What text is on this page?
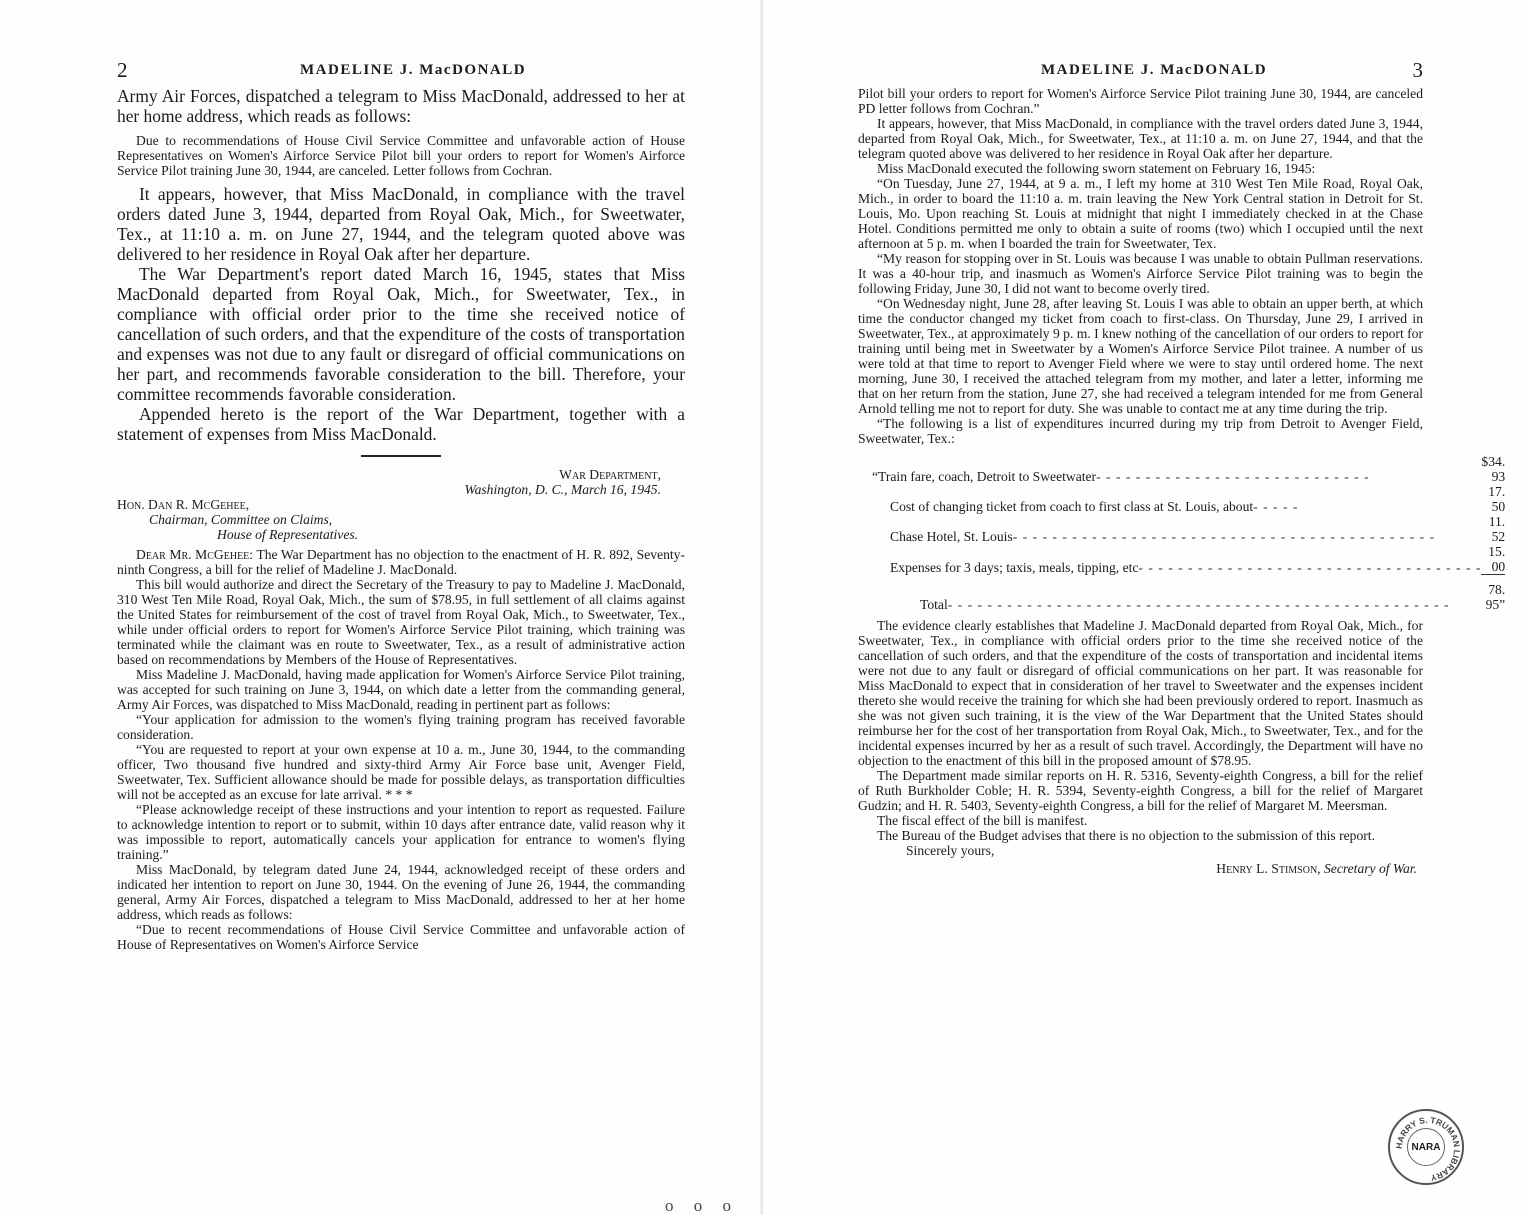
2	MADELINE J. MacDONALD

Army Air Forces, dispatched a telegram to Miss MacDonald, addressed to her at her home address, which reads as follows:

Due to recommendations of House Civil Service Committee and unfavorable action of House Representatives on Women's Airforce Service Pilot bill your orders to report for Women's Airforce Service Pilot training June 30, 1944, are canceled. Letter follows from Cochran.

It appears, however, that Miss MacDonald, in compliance with the travel orders dated June 3, 1944, departed from Royal Oak, Mich., for Sweetwater, Tex., at 11:10 a. m. on June 27, 1944, and the telegram quoted above was delivered to her residence in Royal Oak after her departure.

The War Department's report dated March 16, 1945, states that Miss MacDonald departed from Royal Oak, Mich., for Sweetwater, Tex., in compliance with official order prior to the time she received notice of cancellation of such orders, and that the expenditure of the costs of transportation and expenses was not due to any fault or disregard of official communications on her part, and recommends favorable consideration to the bill. Therefore, your committee recommends favorable consideration.

Appended hereto is the report of the War Department, together with a statement of expenses from Miss MacDonald.

War Department,
Washington, D. C., March 16, 1945.
Hon. Dan R. McGehee,
Chairman, Committee on Claims,
House of Representatives.

Dear Mr. McGehee: The War Department has no objection to the enactment of H. R. 892, Seventy-ninth Congress, a bill for the relief of Madeline J. MacDonald.

This bill would authorize and direct the Secretary of the Treasury to pay to Madeline J. MacDonald, 310 West Ten Mile Road, Royal Oak, Mich., the sum of $78.95, in full settlement of all claims against the United States for reimbursement of the cost of travel from Royal Oak, Mich., to Sweetwater, Tex., while under official orders to report for Women's Airforce Service Pilot training, which training was terminated while the claimant was en route to Sweetwater, Tex., as a result of administrative action based on recommendations by Members of the House of Representatives.

Miss Madeline J. MacDonald, having made application for Women's Airforce Service Pilot training, was accepted for such training on June 3, 1944, on which date a letter from the commanding general, Army Air Forces, was dispatched to Miss MacDonald, reading in pertinent part as follows:

“Your application for admission to the women's flying training program has received favorable consideration.

“You are requested to report at your own expense at 10 a. m., June 30, 1944, to the commanding officer, Two thousand five hundred and sixty-third Army Air Force base unit, Avenger Field, Sweetwater, Tex. Sufficient allowance should be made for possible delays, as transportation difficulties will not be accepted as an excuse for late arrival. * * *

“Please acknowledge receipt of these instructions and your intention to report as requested. Failure to acknowledge intention to report or to submit, within 10 days after entrance date, valid reason why it was impossible to report, automatically cancels your application for entrance to women's flying training.”

Miss MacDonald, by telegram dated June 24, 1944, acknowledged receipt of these orders and indicated her intention to report on June 30, 1944. On the evening of June 26, 1944, the commanding general, Army Air Forces, dispatched a telegram to Miss MacDonald, addressed to her at her home address, which reads as follows:

“Due to recent recommendations of House Civil Service Committee and unfavorable action of House of Representatives on Women's Airforce Service

MADELINE J. MacDONALD	3

Pilot bill your orders to report for Women's Airforce Service Pilot training June 30, 1944, are canceled PD letter follows from Cochran.”

It appears, however, that Miss MacDonald, in compliance with the travel orders dated June 3, 1944, departed from Royal Oak, Mich., for Sweetwater, Tex., at 11:10 a. m. on June 27, 1944, and that the telegram quoted above was delivered to her residence in Royal Oak after her departure.

Miss MacDonald executed the following sworn statement on February 16, 1945:

“On Tuesday, June 27, 1944, at 9 a. m., I left my home at 310 West Ten Mile Road, Royal Oak, Mich., in order to board the 11:10 a. m. train leaving the New York Central station in Detroit for St. Louis, Mo. Upon reaching St. Louis at midnight that night I immediately checked in at the Chase Hotel. Conditions permitted me only to obtain a suite of rooms (two) which I occupied until the next afternoon at 5 p. m. when I boarded the train for Sweetwater, Tex.

“My reason for stopping over in St. Louis was because I was unable to obtain Pullman reservations. It was a 40-hour trip, and inasmuch as Women's Airforce Service Pilot training was to begin the following Friday, June 30, I did not want to become overly tired.

“On Wednesday night, June 28, after leaving St. Louis I was able to obtain an upper berth, at which time the conductor changed my ticket from coach to first-class. On Thursday, June 29, I arrived in Sweetwater, Tex., at approximately 9 p. m. I knew nothing of the cancellation of our orders to report for training until being met in Sweetwater by a Women's Airforce Service Pilot trainee. A number of us were told at that time to report to Avenger Field where we were to stay until ordered home. The next morning, June 30, I received the attached telegram from my mother, and later a letter, informing me that on her return from the station, June 27, she had received a telegram intended for me from General Arnold telling me not to report for duty. She was unable to contact me at any time during the trip.

“The following is a list of expenditures incurred during my trip from Detroit to Avenger Field, Sweetwater, Tex.:

“Train fare, coach, Detroit to Sweetwater- - - - - - - - - - - - - - - - - - - - - - - - - - - -	$34. 93
Cost of changing ticket from coach to first class at St. Louis, about- - - - -	17. 50
Chase Hotel, St. Louis- - - - - - - - - - - - - - - - - - - - - - - - - - - - - - - - - - - - - - - - - - -	11. 52
Expenses for 3 days; taxis, meals, tipping, etc- - - - - - - - - - - - - - - - - - - - - - - - - - - - - - - - - - -	15. 00
Total- - - - - - - - - - - - - - - - - - - - - - - - - - - - - - - - - - - - - - - - - - - - - - - - - - -	78. 95”

The evidence clearly establishes that Madeline J. MacDonald departed from Royal Oak, Mich., for Sweetwater, Tex., in compliance with official orders prior to the time she received notice of the cancellation of such orders, and that the expenditure of the costs of transportation and incidental items were not due to any fault or disregard of official communications on her part. It was reasonable for Miss MacDonald to expect that in consideration of her travel to Sweetwater and the expenses incident thereto she would receive the training for which she had been previously ordered to report. Inasmuch as she was not given such training, it is the view of the War Department that the United States should reimburse her for the cost of her transportation from Royal Oak, Mich., to Sweetwater, Tex., and for the incidental expenses incurred by her as a result of such travel. Accordingly, the Department will have no objection to the enactment of this bill in the proposed amount of $78.95.

The Department made similar reports on H. R. 5316, Seventy-eighth Congress, a bill for the relief of Ruth Burkholder Coble; H. R. 5394, Seventy-eighth Congress, a bill for the relief of Margaret Gudzin; and H. R. 5403, Seventy-eighth Congress, a bill for the relief of Margaret M. Meersman.

The fiscal effect of the bill is manifest.

The Bureau of the Budget advises that there is no objection to the submission of this report.

Sincerely yours,
Henry L. Stimson, Secretary of War.
HARRY S. TRUMAN LIBRARY
NARA
o o o
